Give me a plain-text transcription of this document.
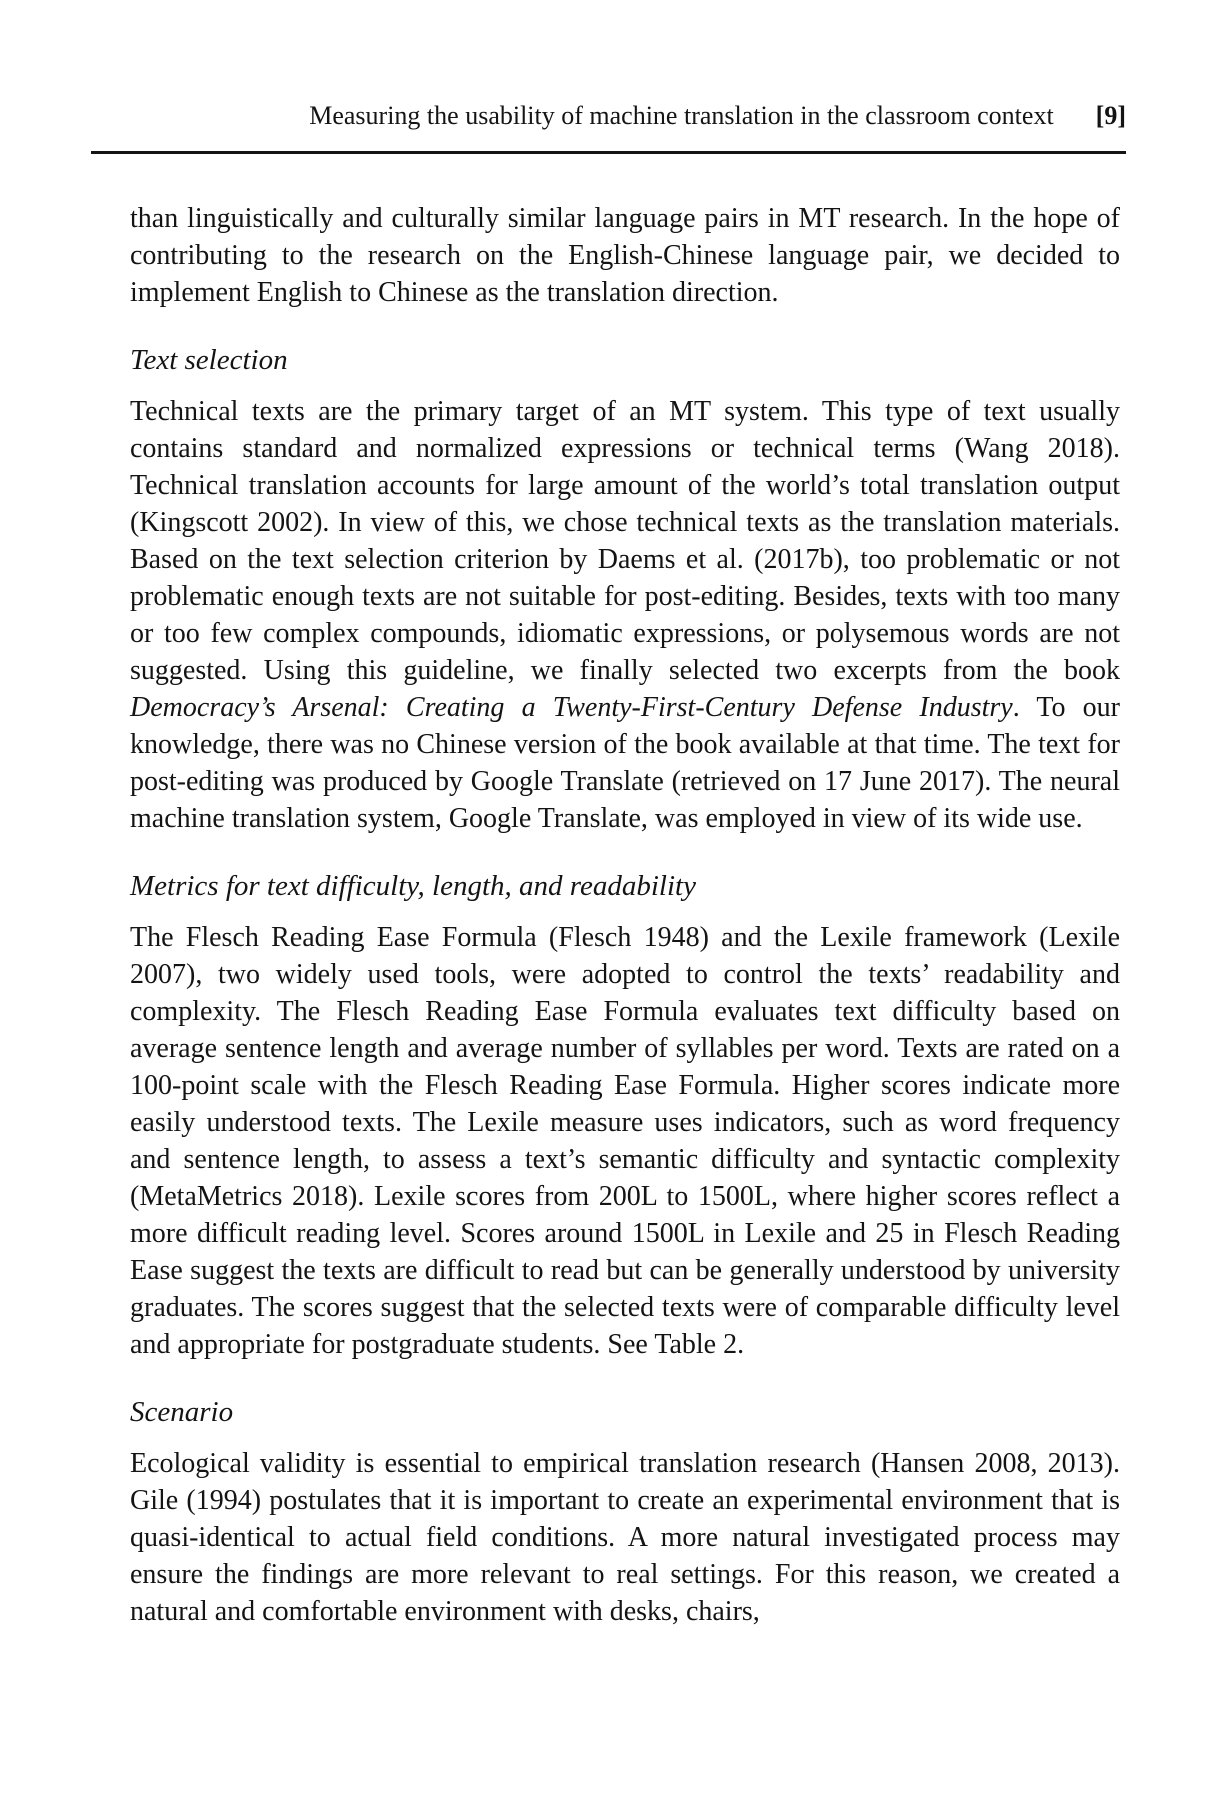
Measuring the usability of machine translation in the classroom context [9]

than linguistically and culturally similar language pairs in MT research. In the hope of contributing to the research on the English-Chinese language pair, we decided to implement English to Chinese as the translation direction.

Text selection

Technical texts are the primary target of an MT system. This type of text usually contains standard and normalized expressions or technical terms (Wang 2018). Technical translation accounts for large amount of the world’s total translation output (Kingscott 2002). In view of this, we chose technical texts as the translation materials. Based on the text selection criterion by Daems et al. (2017b), too problematic or not problematic enough texts are not suitable for post-editing. Besides, texts with too many or too few complex compounds, idiomatic expressions, or polysemous words are not suggested. Using this guideline, we finally selected two excerpts from the book Democracy’s Arsenal: Creating a Twenty-First-Century Defense Industry. To our knowledge, there was no Chinese version of the book available at that time. The text for post-editing was produced by Google Translate (retrieved on 17 June 2017). The neural machine translation system, Google Translate, was employed in view of its wide use.

Metrics for text difficulty, length, and readability

The Flesch Reading Ease Formula (Flesch 1948) and the Lexile framework (Lexile 2007), two widely used tools, were adopted to control the texts’ readability and complexity. The Flesch Reading Ease Formula evaluates text difficulty based on average sentence length and average number of syllables per word. Texts are rated on a 100-point scale with the Flesch Reading Ease Formula. Higher scores indicate more easily understood texts. The Lexile measure uses indicators, such as word frequency and sentence length, to assess a text’s semantic difficulty and syntactic complexity (MetaMetrics 2018). Lexile scores from 200L to 1500L, where higher scores reflect a more difficult reading level. Scores around 1500L in Lexile and 25 in Flesch Reading Ease suggest the texts are difficult to read but can be generally understood by university graduates. The scores suggest that the selected texts were of comparable difficulty level and appropriate for postgraduate students. See Table 2.

Scenario

Ecological validity is essential to empirical translation research (Hansen 2008, 2013). Gile (1994) postulates that it is important to create an experimental environment that is quasi-identical to actual field conditions. A more natural investigated process may ensure the findings are more relevant to real settings. For this reason, we created a natural and comfortable environment with desks, chairs,
